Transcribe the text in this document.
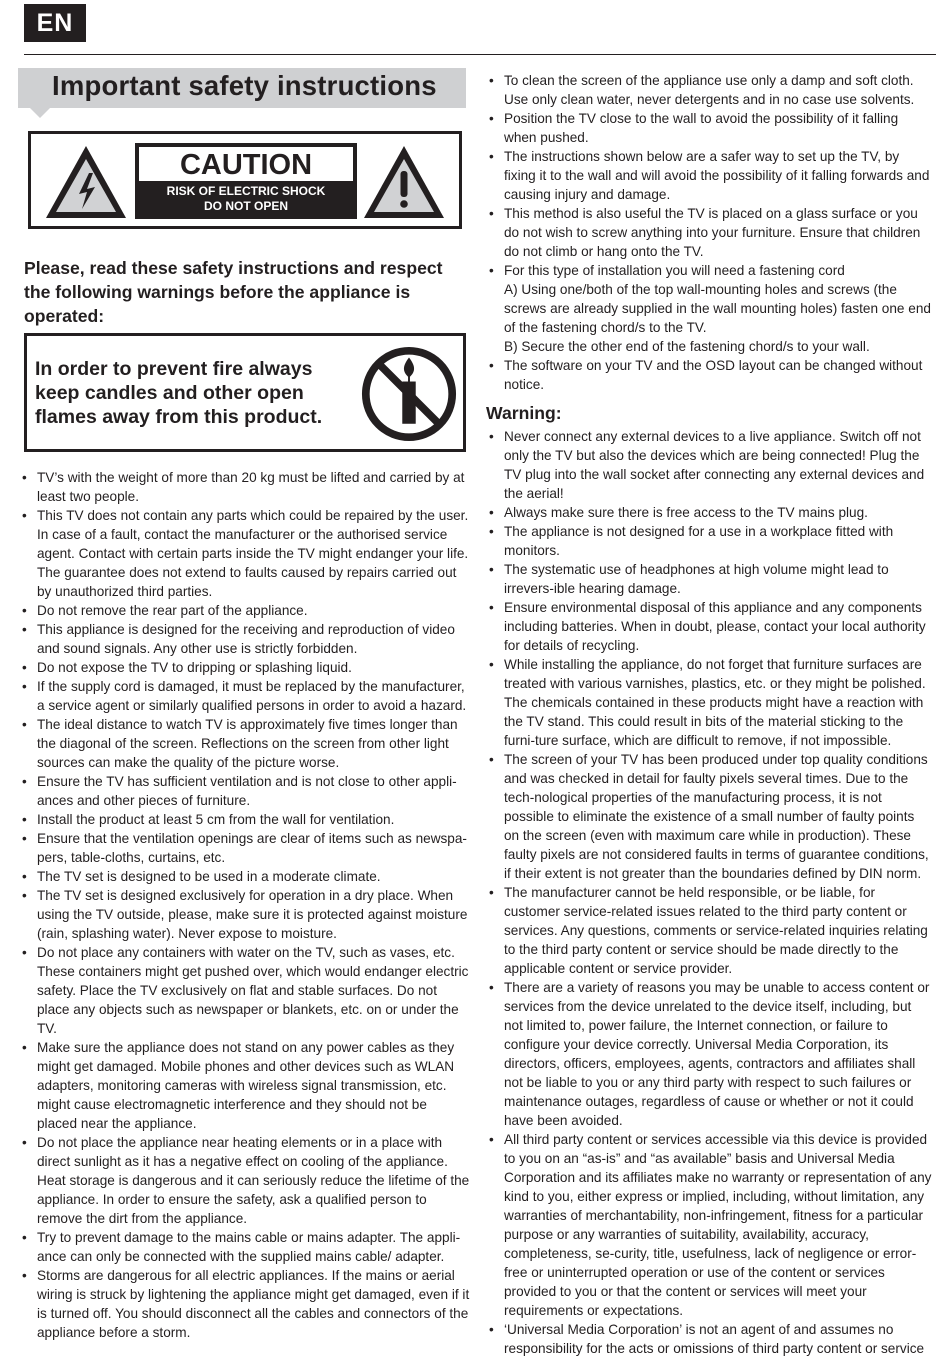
EN
Important safety instructions
CAUTION
RISK OF ELECTRIC SHOCK
DO NOT OPEN
Please, read these safety instructions and respect the following warnings before the appliance is operated:
In order to prevent fire always keep candles and other open flames away from this product.
• TV’s with the weight of more than 20 kg must be lifted and carried by at least two people.
• This TV does not contain any parts which could be repaired by the user. In case of a fault, contact the manufacturer or the authorised service agent. Contact with certain parts inside the TV might endanger your life. The guarantee does not extend to faults caused by repairs carried out by unauthorized third parties.
• Do not remove the rear part of the appliance.
• This appliance is designed for the receiving and reproduction of video and sound signals. Any other use is strictly forbidden.
• Do not expose the TV to dripping or splashing liquid.
• If the supply cord is damaged, it must be replaced by the manufacturer, a service agent or similarly qualified persons in order to avoid a hazard.
• The ideal distance to watch TV is approximately five times longer than the diagonal of the screen. Reflections on the screen from other light sources can make the quality of the picture worse.
• Ensure the TV has sufficient ventilation and is not close to other appli-ances and other pieces of furniture.
• Install the product at least 5 cm from the wall for ventilation.
• Ensure that the ventilation openings are clear of items such as newspa-pers, table-cloths, curtains, etc.
• The TV set is designed to be used in a moderate climate.
• The TV set is designed exclusively for operation in a dry place. When using the TV outside, please, make sure it is protected against moisture (rain, splashing water). Never expose to moisture.
• Do not place any containers with water on the TV, such as vases, etc. These containers might get pushed over, which would endanger electric safety. Place the TV exclusively on flat and stable surfaces. Do not place any objects such as newspaper or blankets, etc. on or under the TV.
• Make sure the appliance does not stand on any power cables as they might get damaged. Mobile phones and other devices such as WLAN adapters, monitoring cameras with wireless signal transmission, etc. might cause electromagnetic interference and they should not be placed near the appliance.
• Do not place the appliance near heating elements or in a place with direct sunlight as it has a negative effect on cooling of the appliance. Heat storage is dangerous and it can seriously reduce the lifetime of the appliance. In order to ensure the safety, ask a qualified person to remove the dirt from the appliance.
• Try to prevent damage to the mains cable or mains adapter. The appli-ance can only be connected with the supplied mains cable/ adapter.
• Storms are dangerous for all electric appliances. If the mains or aerial wiring is struck by lightening the appliance might get damaged, even if it is turned off. You should disconnect all the cables and connectors of the appliance before a storm.
• To clean the screen of the appliance use only a damp and soft cloth. Use only clean water, never detergents and in no case use solvents.
• Position the TV close to the wall to avoid the possibility of it falling when pushed.
• The instructions shown below are a safer way to set up the TV, by fixing it to the wall and will avoid the possibility of it falling forwards and causing injury and damage.
• This method is also useful the TV is placed on a glass surface or you do not wish to screw anything into your furniture. Ensure that children do not climb or hang onto the TV.
• For this type of installation you will need a fastening cord
A) Using one/both of the top wall-mounting holes and screws (the screws are already supplied in the wall mounting holes) fasten one end of the fastening chord/s to the TV.
B) Secure the other end of the fastening chord/s to your wall.
• The software on your TV and the OSD layout can be changed without notice.
Warning:
• Never connect any external devices to a live appliance. Switch off not only the TV but also the devices which are being connected! Plug the TV plug into the wall socket after connecting any external devices and the aerial!
• Always make sure there is free access to the TV mains plug.
• The appliance is not designed for a use in a workplace fitted with monitors.
• The systematic use of headphones at high volume might lead to irrevers-ible hearing damage.
• Ensure environmental disposal of this appliance and any components including batteries. When in doubt, please, contact your local authority for details of recycling.
• While installing the appliance, do not forget that furniture surfaces are treated with various varnishes, plastics, etc. or they might be polished. The chemicals contained in these products might have a reaction with the TV stand. This could result in bits of the material sticking to the furni-ture surface, which are difficult to remove, if not impossible.
• The screen of your TV has been produced under top quality conditions and was checked in detail for faulty pixels several times. Due to the tech-nological properties of the manufacturing process, it is not possible to eliminate the existence of a small number of faulty points on the screen (even with maximum care while in production). These faulty pixels are not considered faults in terms of guarantee conditions, if their extent is not greater than the boundaries defined by DIN norm.
• The manufacturer cannot be held responsible, or be liable, for customer service-related issues related to the third party content or services. Any questions, comments or service-related inquiries relating to the third party content or service should be made directly to the applicable content or service provider.
• There are a variety of reasons you may be unable to access content or services from the device unrelated to the device itself, including, but not limited to, power failure, the Internet connection, or failure to configure your device correctly. Universal Media Corporation, its directors, officers, employees, agents, contractors and affiliates shall not be liable to you or any third party with respect to such failures or maintenance outages, regardless of cause or whether or not it could have been avoided.
• All third party content or services accessible via this device is provided to you on an “as-is” and “as available” basis and Universal Media Corporation and its affiliates make no warranty or representation of any kind to you, either express or implied, including, without limitation, any warranties of merchantability, non-infringement, fitness for a particular purpose or any warranties of suitability, availability, accuracy, completeness, se-curity, title, usefulness, lack of negligence or error-free or uninterrupted operation or use of the content or services provided to you or that the content or services will meet your requirements or expectations.
• ‘Universal Media Corporation’ is not an agent of and assumes no responsibility for the acts or omissions of third party content or service
